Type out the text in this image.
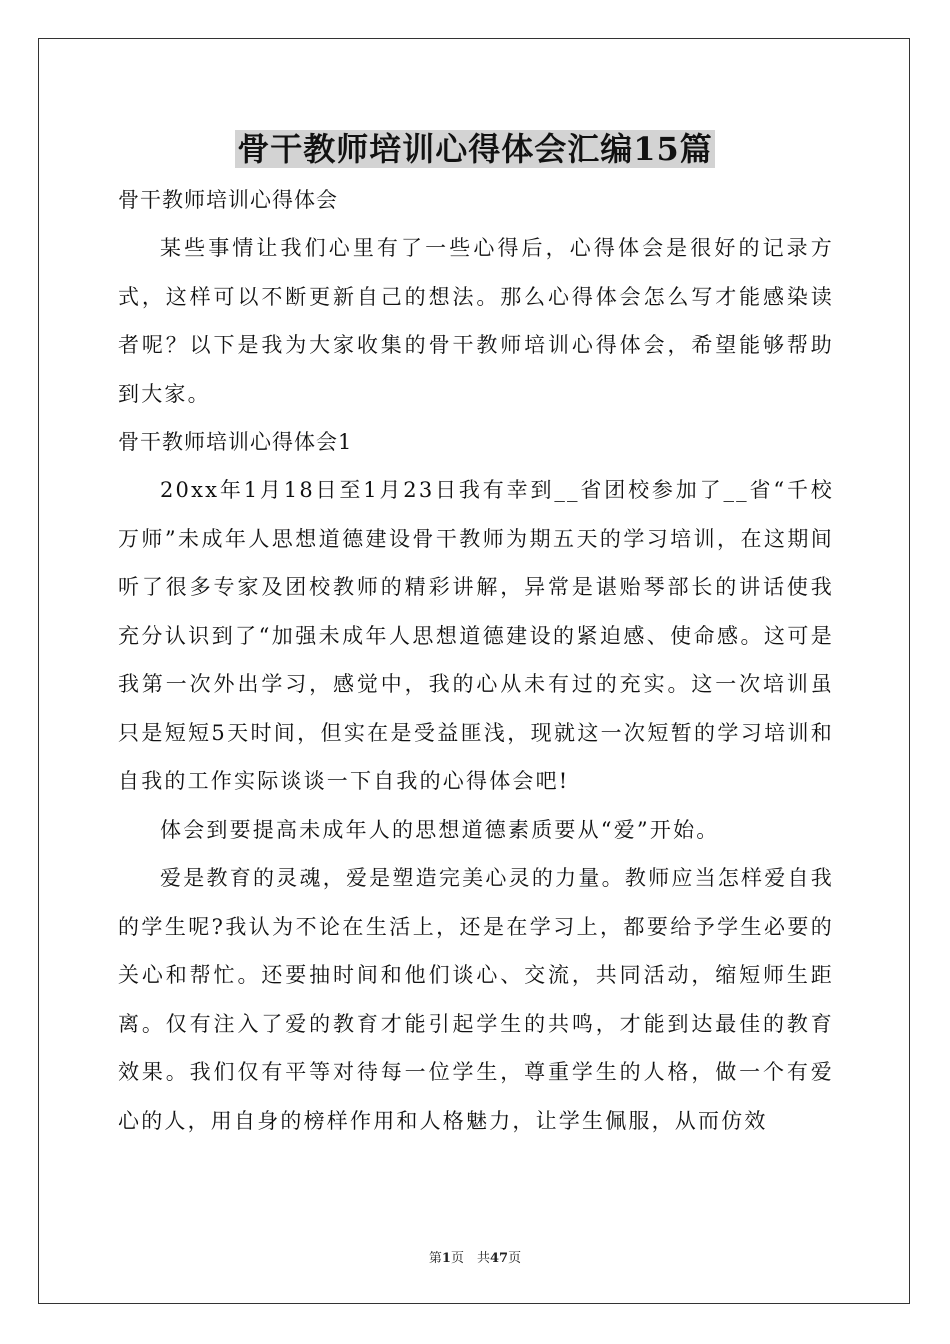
骨干教师培训心得体会汇编15篇

骨干教师培训心得体会

某些事情让我们心里有了一些心得后，心得体会是很好的记录方式，这样可以不断更新自己的想法。那么心得体会怎么写才能感染读者呢？以下是我为大家收集的骨干教师培训心得体会，希望能够帮助到大家。

骨干教师培训心得体会1

20xx年1月18日至1月23日我有幸到__省团校参加了__省“千校万师”未成年人思想道德建设骨干教师为期五天的学习培训，在这期间听了很多专家及团校教师的精彩讲解，异常是谌贻琴部长的讲话使我充分认识到了“加强未成年人思想道德建设的紧迫感、使命感。这可是我第一次外出学习，感觉中，我的心从未有过的充实。这一次培训虽只是短短5天时间，但实在是受益匪浅，现就这一次短暂的学习培训和自我的工作实际谈谈一下自我的心得体会吧!

体会到要提高未成年人的思想道德素质要从“爱”开始。

爱是教育的灵魂，爱是塑造完美心灵的力量。教师应当怎样爱自我的学生呢?我认为不论在生活上，还是在学习上，都要给予学生必要的关心和帮忙。还要抽时间和他们谈心、交流，共同活动，缩短师生距离。仅有注入了爱的教育才能引起学生的共鸣，才能到达最佳的教育效果。我们仅有平等对待每一位学生，尊重学生的人格，做一个有爱心的人，用自身的榜样作用和人格魅力，让学生佩服，从而仿效

第1页　共47页
